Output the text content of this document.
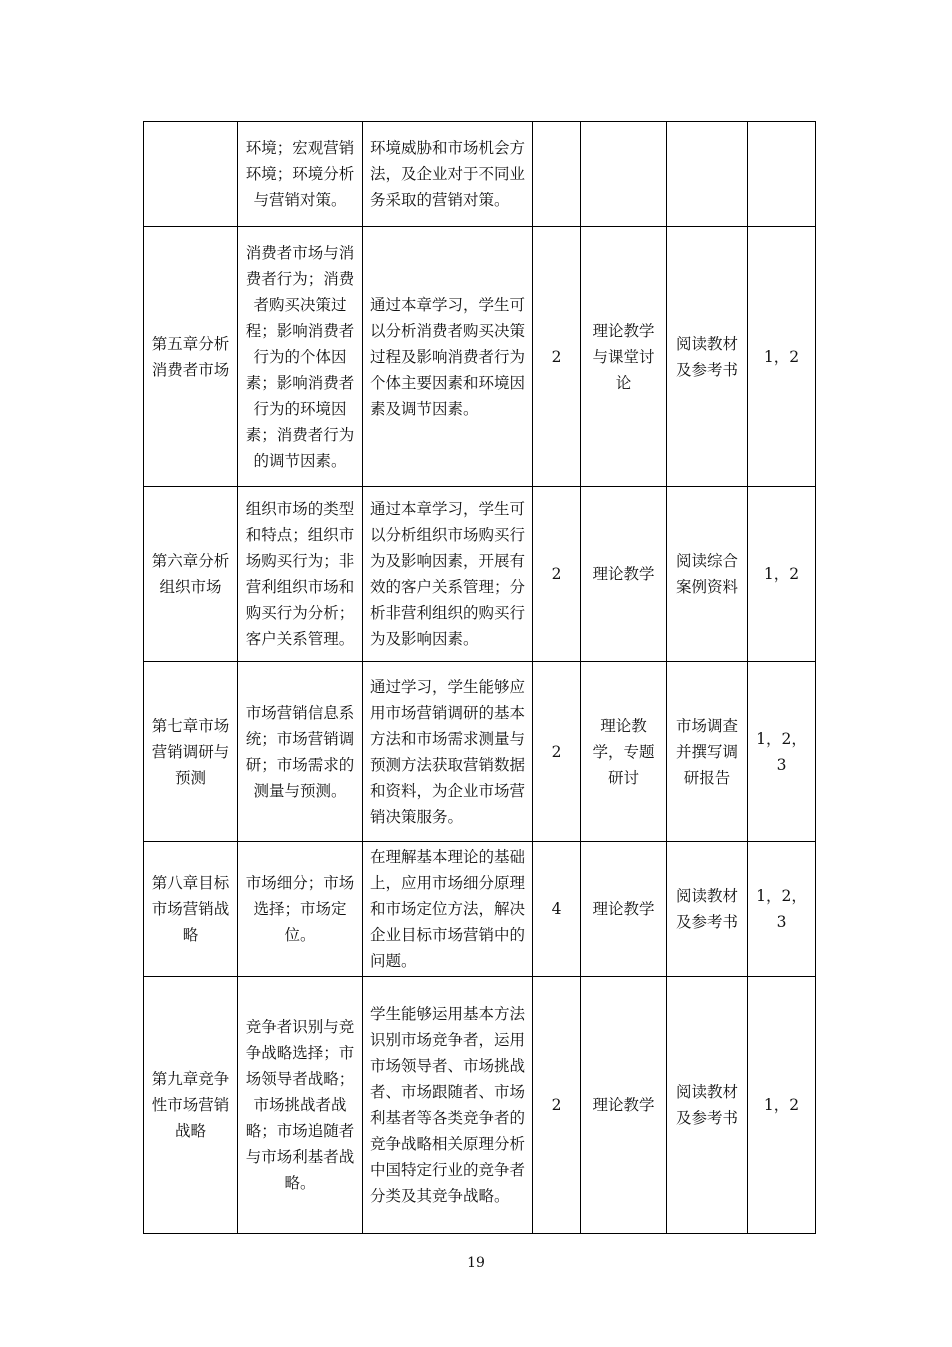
	环境；宏观营销环境；环境分析与营销对策。	环境威胁和市场机会方法，及企业对于不同业务采取的营销对策。				
第五章分析消费者市场	消费者市场与消费者行为；消费者购买决策过程；影响消费者行为的个体因素；影响消费者行为的环境因素；消费者行为的调节因素。	通过本章学习，学生可以分析消费者购买决策过程及影响消费者行为个体主要因素和环境因素及调节因素。	2	理论教学与课堂讨论	阅读教材及参考书	1，2
第六章分析组织市场	组织市场的类型和特点；组织市场购买行为；非营利组织市场和购买行为分析；客户关系管理。	通过本章学习，学生可以分析组织市场购买行为及影响因素，开展有效的客户关系管理；分析非营利组织的购买行为及影响因素。	2	理论教学	阅读综合案例资料	1，2
第七章市场营销调研与预测	市场营销信息系统；市场营销调研；市场需求的测量与预测。	通过学习，学生能够应用市场营销调研的基本方法和市场需求测量与预测方法获取营销数据和资料，为企业市场营销决策服务。	2	理论教学，专题研讨	市场调查并撰写调研报告	1，2，3
第八章目标市场营销战略	市场细分；市场选择；市场定位。	在理解基本理论的基础上，应用市场细分原理和市场定位方法，解决企业目标市场营销中的问题。	4	理论教学	阅读教材及参考书	1，2，3
第九章竞争性市场营销战略	竞争者识别与竞争战略选择；市场领导者战略；市场挑战者战略；市场追随者与市场利基者战略。	学生能够运用基本方法识别市场竞争者，运用市场领导者、市场挑战者、市场跟随者、市场利基者等各类竞争者的竞争战略相关原理分析中国特定行业的竞争者分类及其竞争战略。	2	理论教学	阅读教材及参考书	1，2
19
